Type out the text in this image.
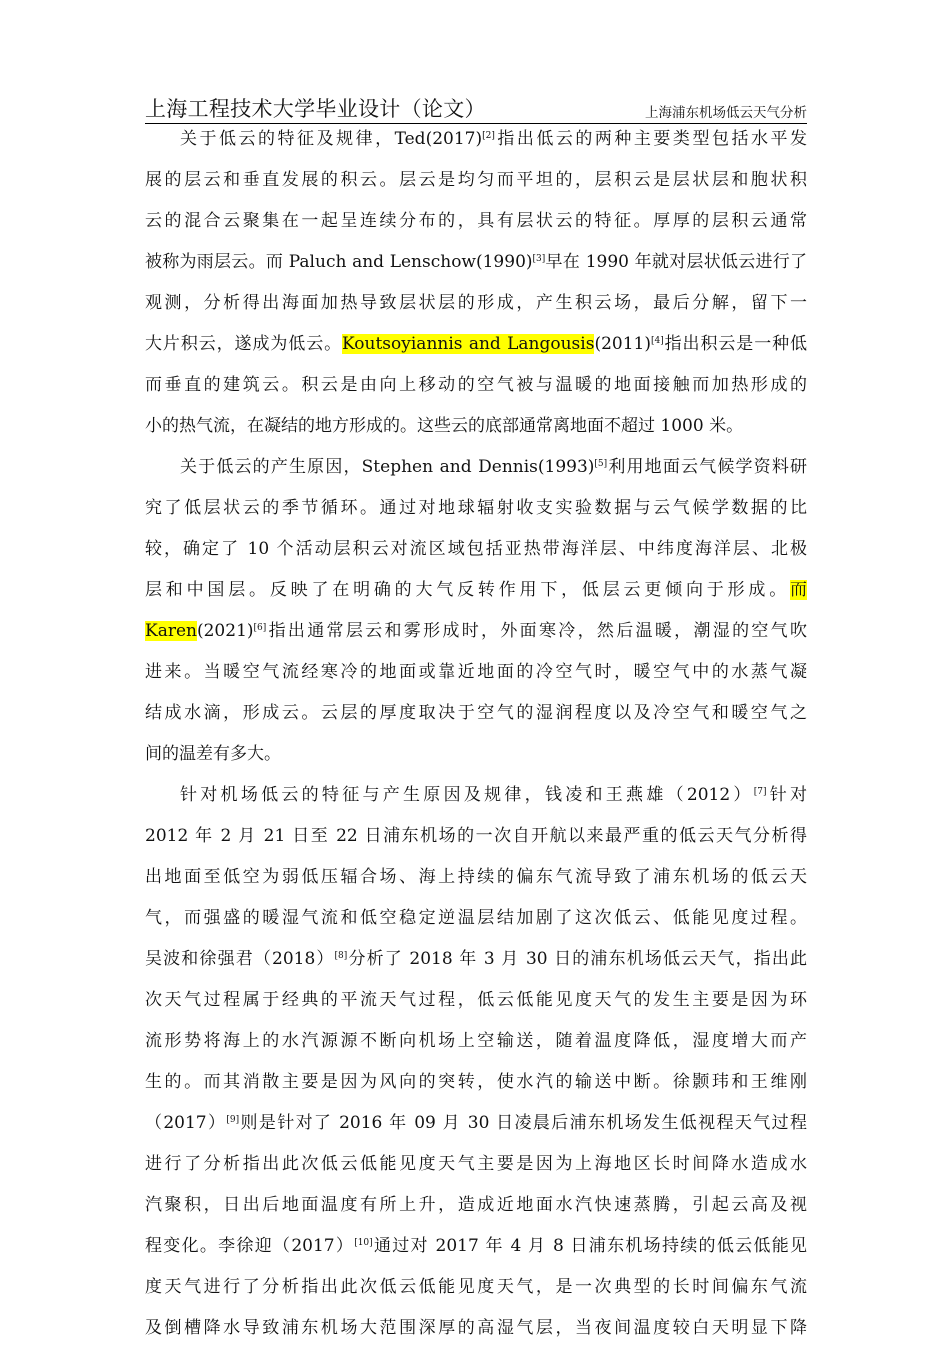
上海工程技术大学毕业设计（论文）	上海浦东机场低云天气分析
关于低云的特征及规律，Ted(2017)[2]指出低云的两种主要类型包括水平发
展的层云和垂直发展的积云。层云是均匀而平坦的，层积云是层状层和胞状积
云的混合云聚集在一起呈连续分布的，具有层状云的特征。厚厚的层积云通常
被称为雨层云。而 Paluch and Lenschow(1990)[3]早在 1990 年就对层状低云进行了
观测，分析得出海面加热导致层状层的形成，产生积云场，最后分解，留下一
大片积云，遂成为低云。Koutsoyiannis and Langousis(2011)[4]指出积云是一种低
而垂直的建筑云。积云是由向上移动的空气被与温暖的地面接触而加热形成的
小的热气流，在凝结的地方形成的。这些云的底部通常离地面不超过 1000 米。
关于低云的产生原因，Stephen and Dennis(1993)[5]利用地面云气候学资料研
究了低层状云的季节循环。通过对地球辐射收支实验数据与云气候学数据的比
较，确定了 10 个活动层积云对流区域包括亚热带海洋层、中纬度海洋层、北极
层和中国层。反映了在明确的大气反转作用下，低层云更倾向于形成。而
Karen(2021)[6]指出通常层云和雾形成时，外面寒冷，然后温暖，潮湿的空气吹
进来。当暖空气流经寒冷的地面或靠近地面的冷空气时，暖空气中的水蒸气凝
结成水滴，形成云。云层的厚度取决于空气的湿润程度以及冷空气和暖空气之
间的温差有多大。
针对机场低云的特征与产生原因及规律，钱凌和王燕雄（2012）[7]针对
2012 年 2 月 21 日至 22 日浦东机场的一次自开航以来最严重的低云天气分析得
出地面至低空为弱低压辐合场、海上持续的偏东气流导致了浦东机场的低云天
气，而强盛的暖湿气流和低空稳定逆温层结加剧了这次低云、低能见度过程。
吴波和徐强君（2018）[8]分析了 2018 年 3 月 30 日的浦东机场低云天气，指出此
次天气过程属于经典的平流天气过程，低云低能见度天气的发生主要是因为环
流形势将海上的水汽源源不断向机场上空输送，随着温度降低，湿度增大而产
生的。而其消散主要是因为风向的突转，使水汽的输送中断。徐颢玮和王维刚
（2017）[9]则是针对了 2016 年 09 月 30 日凌晨后浦东机场发生低视程天气过程
进行了分析指出此次低云低能见度天气主要是因为上海地区长时间降水造成水
汽聚积，日出后地面温度有所上升，造成近地面水汽快速蒸腾，引起云高及视
程变化。李徐迎（2017）[10]通过对 2017 年 4 月 8 日浦东机场持续的低云低能见
度天气进行了分析指出此次低云低能见度天气，是一次典型的长时间偏东气流
及倒槽降水导致浦东机场大范围深厚的高湿气层，当夜间温度较白天明显下降
